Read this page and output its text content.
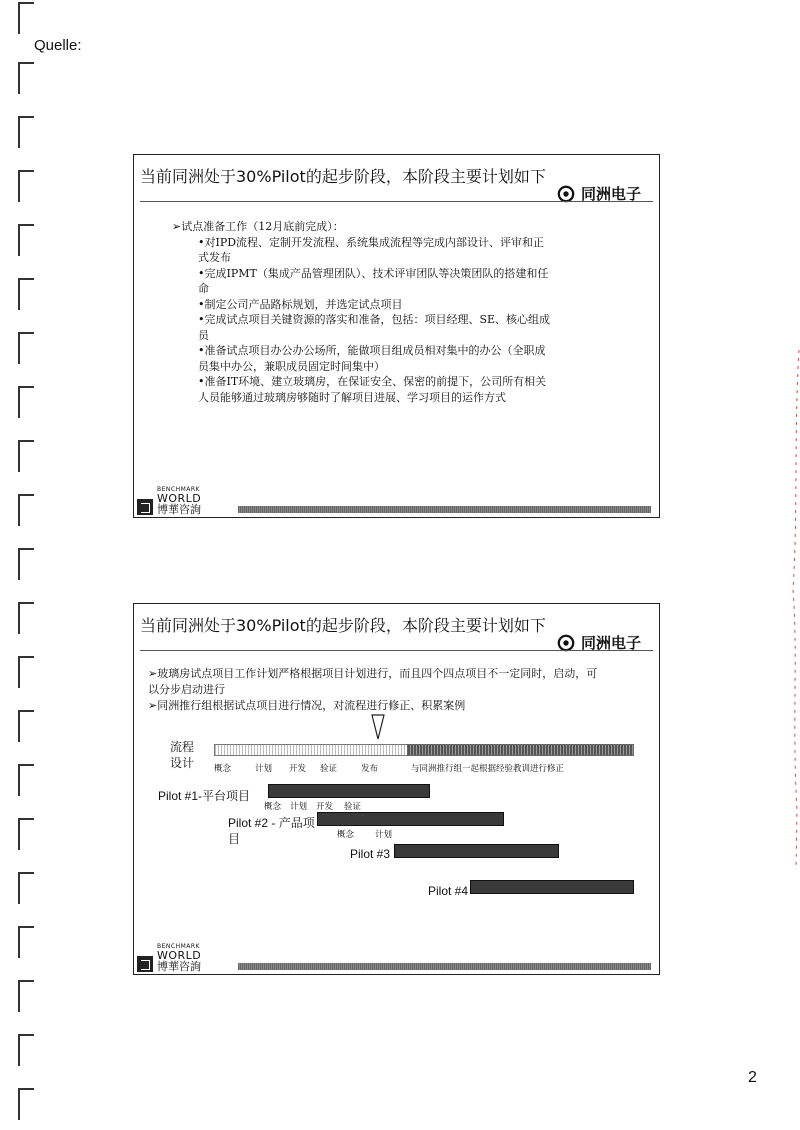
Quelle:
当前同洲处于30%Pilot的起步阶段，本阶段主要计划如下
同洲电子

➢试点准备工作（12月底前完成）：

•对IPD流程、定制开发流程、系统集成流程等完成内部设计、评审和正式发布

•完成IPMT（集成产品管理团队）、技术评审团队等决策团队的搭建和任命

•制定公司产品路标规划，并选定试点项目

•完成试点项目关键资源的落实和准备，包括：项目经理、SE、核心组成员

•准备试点项目办公办公场所，能做项目组成员相对集中的办公（全职成员集中办公，兼职成员固定时间集中）

•准备IT环境、建立玻璃房，在保证安全、保密的前提下，公司所有相关人员能够通过玻璃房够随时了解项目进展、学习项目的运作方式

BENCHMARK
WORLD
博華咨詢
当前同洲处于30%Pilot的起步阶段，本阶段主要计划如下
同洲电子
➢玻璃房试点项目工作计划严格根据项目计划进行，而且四个四点项目不一定同时，启动，可以分步启动进行
➢同洲推行组根据试点项目进行情况，对流程进行修正、积累案例
流程
设计 概念	计划 开发 验证	发布	与同洲推行组一起根据经验教训进行修正
Pilot #1-平台项目
概念 计划 开发 验证
Pilot #2 - 产品项
目	概念 计划
Pilot #3
Pilot #4
BENCHMARK
WORLD
博華咨詢
2
